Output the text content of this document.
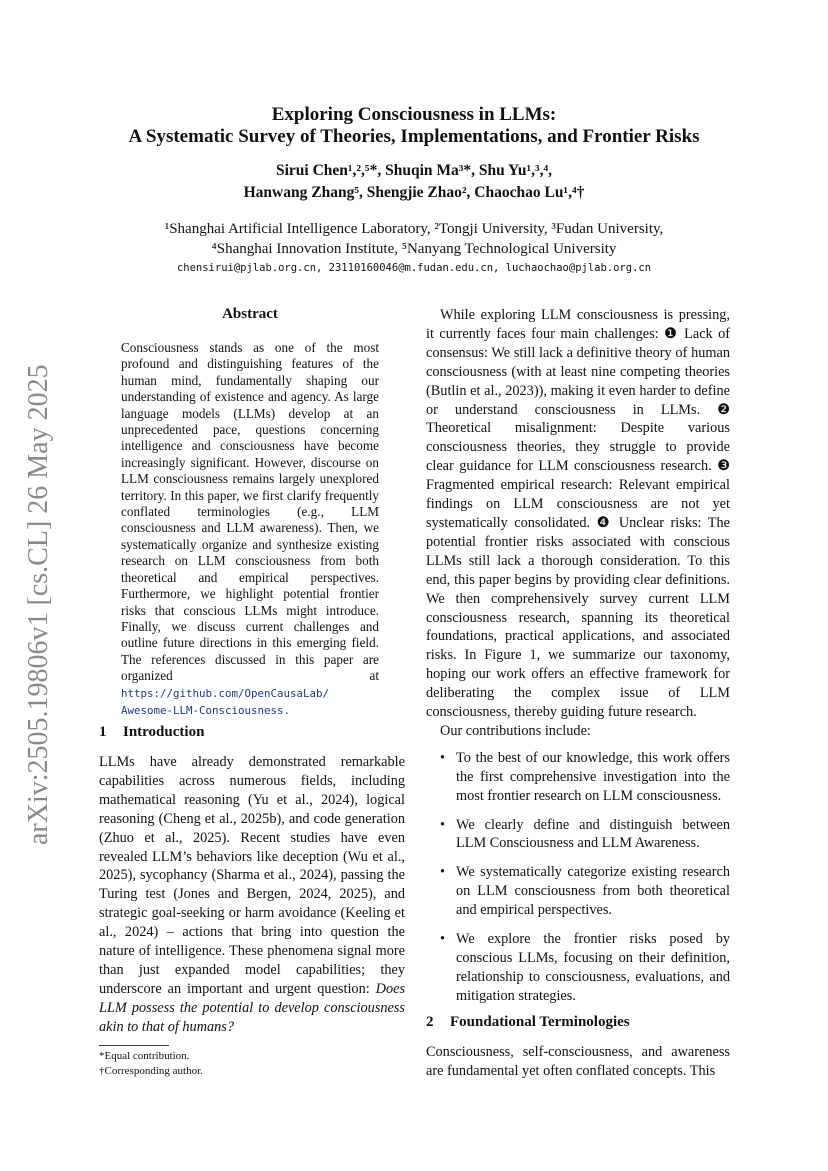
arXiv:2505.19806v1 [cs.CL] 26 May 2025
Exploring Consciousness in LLMs:
A Systematic Survey of Theories, Implementations, and Frontier Risks
Sirui Chen¹,²,⁵*, Shuqin Ma³*, Shu Yu¹,³,⁴,
Hanwang Zhang⁵, Shengjie Zhao², Chaochao Lu¹,⁴†
¹Shanghai Artificial Intelligence Laboratory, ²Tongji University, ³Fudan University,
⁴Shanghai Innovation Institute, ⁵Nanyang Technological University
chensirui@pjlab.org.cn, 23110160046@m.fudan.edu.cn, luchaochao@pjlab.org.cn
Abstract
Consciousness stands as one of the most profound and distinguishing features of the human mind, fundamentally shaping our understanding of existence and agency. As large language models (LLMs) develop at an unprecedented pace, questions concerning intelligence and consciousness have become increasingly significant. However, discourse on LLM consciousness remains largely unexplored territory. In this paper, we first clarify frequently conflated terminologies (e.g., LLM consciousness and LLM awareness). Then, we systematically organize and synthesize existing research on LLM consciousness from both theoretical and empirical perspectives. Furthermore, we highlight potential frontier risks that conscious LLMs might introduce. Finally, we discuss current challenges and outline future directions in this emerging field. The references discussed in this paper are organized at https://github.com/OpenCausaLab/ Awesome-LLM-Consciousness.
1 Introduction
LLMs have already demonstrated remarkable capabilities across numerous fields, including mathematical reasoning (Yu et al., 2024), logical reasoning (Cheng et al., 2025b), and code generation (Zhuo et al., 2025). Recent studies have even revealed LLM’s behaviors like deception (Wu et al., 2025), sycophancy (Sharma et al., 2024), passing the Turing test (Jones and Bergen, 2024, 2025), and strategic goal-seeking or harm avoidance (Keeling et al., 2024) – actions that bring into question the nature of intelligence. These phenomena signal more than just expanded model capabilities; they underscore an important and urgent question: Does LLM possess the potential to develop consciousness akin to that of humans?
*Equal contribution.
†Corresponding author.

While exploring LLM consciousness is pressing, it currently faces four main challenges: ❶ Lack of consensus: We still lack a definitive theory of human consciousness (with at least nine competing theories (Butlin et al., 2023)), making it even harder to define or understand consciousness in LLMs. ❷ Theoretical misalignment: Despite various consciousness theories, they struggle to provide clear guidance for LLM consciousness research. ❸ Fragmented empirical research: Relevant empirical findings on LLM consciousness are not yet systematically consolidated. ❹ Unclear risks: The potential frontier risks associated with conscious LLMs still lack a thorough consideration. To this end, this paper begins by providing clear definitions. We then comprehensively survey current LLM consciousness research, spanning its theoretical foundations, practical applications, and associated risks. In Figure 1, we summarize our taxonomy, hoping our work offers an effective framework for deliberating the complex issue of LLM consciousness, thereby guiding future research.

Our contributions include:

• To the best of our knowledge, this work offers the first comprehensive investigation into the most frontier research on LLM consciousness.
• We clearly define and distinguish between LLM Consciousness and LLM Awareness.
• We systematically categorize existing research on LLM consciousness from both theoretical and empirical perspectives.
• We explore the frontier risks posed by conscious LLMs, focusing on their definition, relationship to consciousness, evaluations, and mitigation strategies.
2 Foundational Terminologies
Consciousness, self-consciousness, and awareness are fundamental yet often conflated concepts. This
